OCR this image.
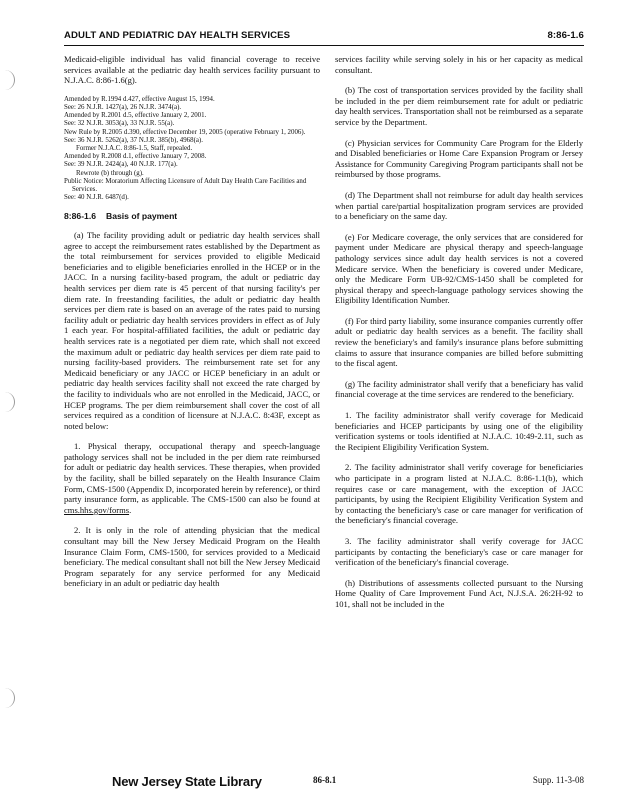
ADULT AND PEDIATRIC DAY HEALTH SERVICES	8:86-1.6

Medicaid-eligible individual has valid financial coverage to receive services available at the pediatric day health services facility pursuant to N.J.A.C. 8:86-1.6(g).

Amended by R.1994 d.427, effective August 15, 1994.
See: 26 N.J.R. 1427(a), 26 N.J.R. 3474(a).
Amended by R.2001 d.5, effective January 2, 2001.
See: 32 N.J.R. 3053(a), 33 N.J.R. 55(a).
New Rule by R.2005 d.390, effective December 19, 2005 (operative February 1, 2006).
See: 36 N.J.R. 5262(a), 37 N.J.R. 385(b), 4968(a).
Former N.J.A.C. 8:86-1.5, Staff, repealed.
Amended by R.2008 d.1, effective January 7, 2008.
See: 39 N.J.R. 2424(a), 40 N.J.R. 177(a).
Rewrote (b) through (g).
Public Notice: Moratorium Affecting Licensure of Adult Day Health Care Facilities and Services.
See: 40 N.J.R. 6487(d).
8:86-1.6 Basis of payment

(a) The facility providing adult or pediatric day health services shall agree to accept the reimbursement rates established by the Department as the total reimbursement for services provided to eligible Medicaid beneficiaries and to eligible beneficiaries enrolled in the HCEP or in the JACC. In a nursing facility-based program, the adult or pediatric day health services per diem rate is 45 percent of that nursing facility's per diem rate. In freestanding facilities, the adult or pediatric day health services per diem rate is based on an average of the rates paid to nursing facility adult or pediatric day health services providers in effect as of July 1 each year. For hospital-affiliated facilities, the adult or pediatric day health services rate is a negotiated per diem rate, which shall not exceed the maximum adult or pediatric day health services per diem rate paid to nursing facility-based providers. The reimbursement rate set for any Medicaid beneficiary or any JACC or HCEP beneficiary in an adult or pediatric day health services facility shall not exceed the rate charged by the facility to individuals who are not enrolled in the Medicaid, JACC, or HCEP programs. The per diem reimbursement shall cover the cost of all services required as a condition of licensure at N.J.A.C. 8:43F, except as noted below:

1. Physical therapy, occupational therapy and speech-language pathology services shall not be included in the per diem rate reimbursed for adult or pediatric day health services. These therapies, when provided by the facility, shall be billed separately on the Health Insurance Claim Form, CMS-1500 (Appendix D, incorporated herein by reference), or third party insurance form, as applicable. The CMS-1500 can also be found at cms.hhs.gov/forms.

2. It is only in the role of attending physician that the medical consultant may bill the New Jersey Medicaid Program on the Health Insurance Claim Form, CMS-1500, for services provided to a Medicaid beneficiary. The medical consultant shall not bill the New Jersey Medicaid Program separately for any service performed for any Medicaid beneficiary in an adult or pediatric day health

services facility while serving solely in his or her capacity as medical consultant.

(b) The cost of transportation services provided by the facility shall be included in the per diem reimbursement rate for adult or pediatric day health services. Transportation shall not be reimbursed as a separate service by the Department.

(c) Physician services for Community Care Program for the Elderly and Disabled beneficiaries or Home Care Expansion Program or Jersey Assistance for Community Caregiving Program participants shall not be reimbursed by those programs.

(d) The Department shall not reimburse for adult day health services when partial care/partial hospitalization program services are provided to a beneficiary on the same day.

(e) For Medicare coverage, the only services that are considered for payment under Medicare are physical therapy and speech-language pathology services since adult day health services is not a covered Medicare service. When the beneficiary is covered under Medicare, only the Medicare Form UB-92/CMS-1450 shall be completed for physical therapy and speech-language pathology services showing the Eligibility Identification Number.

(f) For third party liability, some insurance companies currently offer adult or pediatric day health services as a benefit. The facility shall review the beneficiary's and family's insurance plans before submitting claims to assure that insurance companies are billed before submitting to the fiscal agent.

(g) The facility administrator shall verify that a beneficiary has valid financial coverage at the time services are rendered to the beneficiary.

1. The facility administrator shall verify coverage for Medicaid beneficiaries and HCEP participants by using one of the eligibility verification systems or tools identified at N.J.A.C. 10:49-2.11, such as the Recipient Eligibility Verification System.

2. The facility administrator shall verify coverage for beneficiaries who participate in a program listed at N.J.A.C. 8:86-1.1(b), which requires case or care management, with the exception of JACC participants, by using the Recipient Eligibility Verification System and by contacting the beneficiary's case or care manager for verification of the beneficiary's financial coverage.

3. The facility administrator shall verify coverage for JACC participants by contacting the beneficiary's case or care manager for verification of the beneficiary's financial coverage.

(h) Distributions of assessments collected pursuant to the Nursing Home Quality of Care Improvement Fund Act, N.J.S.A. 26:2H-92 to 101, shall not be included in the

New Jersey State Library	86-8.1	Supp. 11-3-08
